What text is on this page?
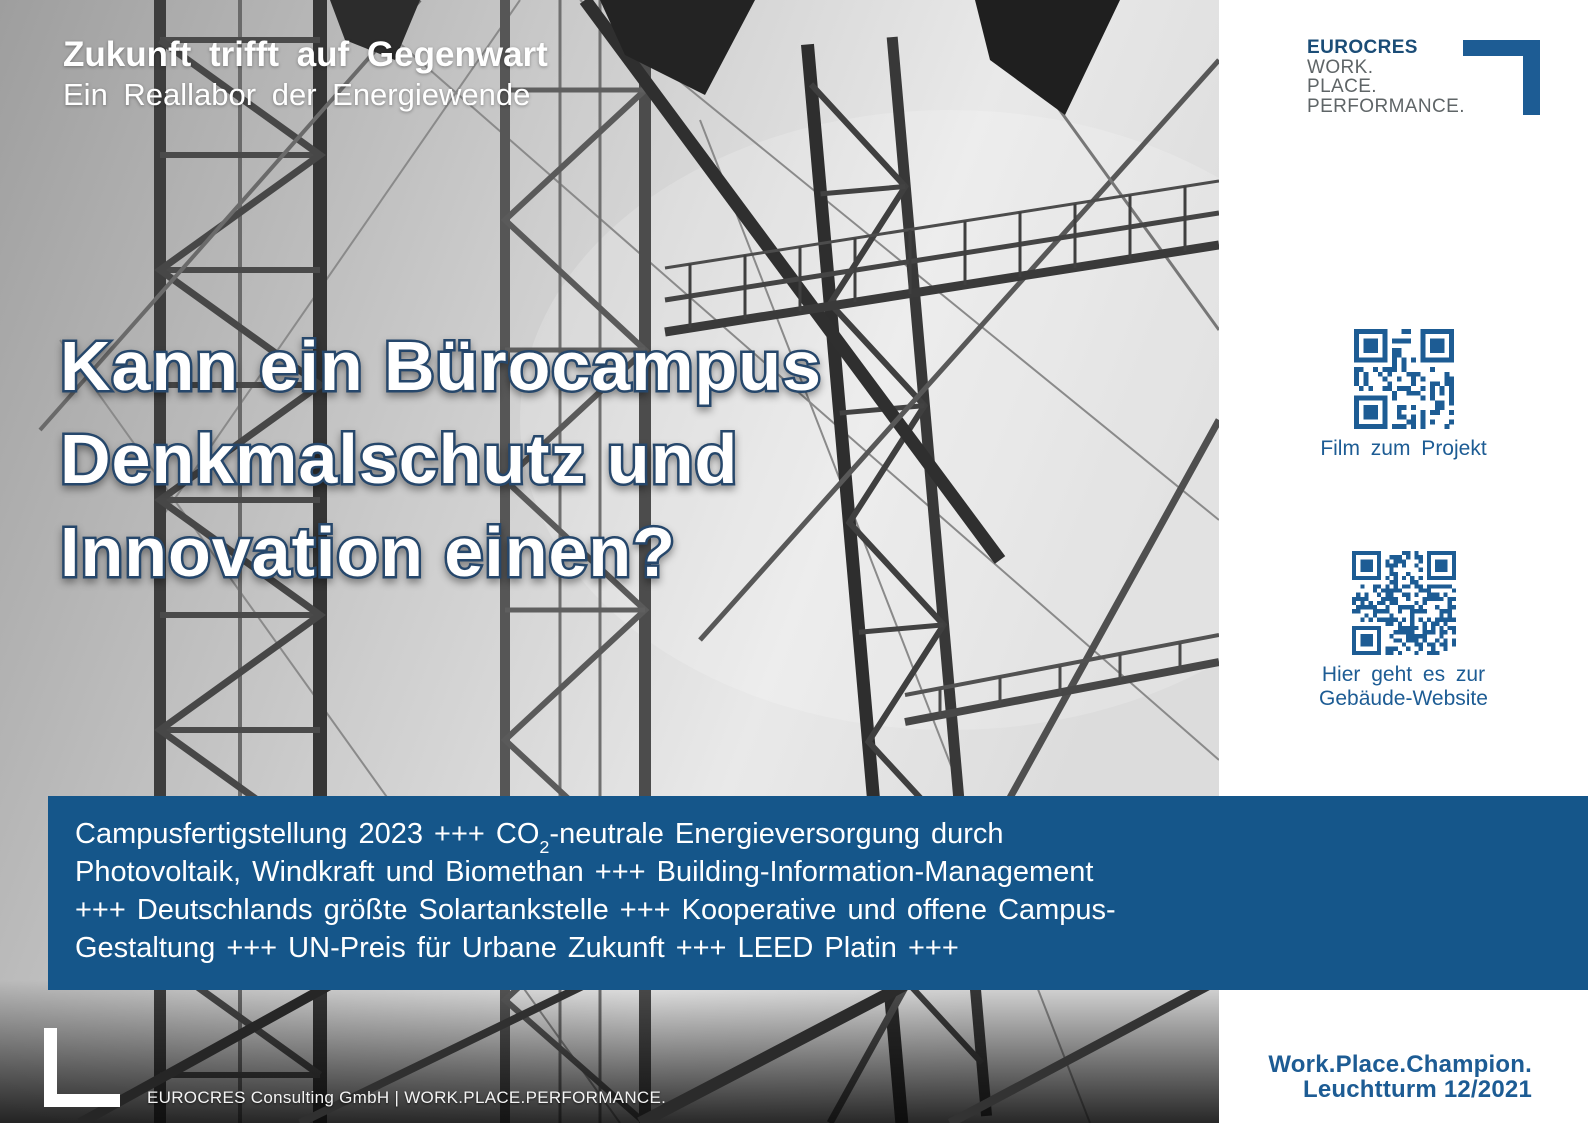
Zukunft trifft auf Gegenwart
Ein Reallabor der Energiewende
Kann ein Bürocampus
Denkmalschutz und
Innovation einen?
EUROCRES Consulting GmbH | WORK.PLACE.PERFORMANCE.
EUROCRES
WORK.
PLACE.
PERFORMANCE.
Film zum Projekt
Hier geht es zur
Gebäude-Website
Work.Place.Champion.
Leuchtturm 12/2021
Campusfertigstellung 2023 +++ $CO_2$-neutrale Energieversorgung durch
Photovoltaik, Windkraft und Biomethan +++ Building-Information-Management
+++ Deutschlands größte Solartankstelle +++ Kooperative und offene Campus-
Gestaltung +++ UN-Preis für Urbane Zukunft +++ LEED Platin +++
